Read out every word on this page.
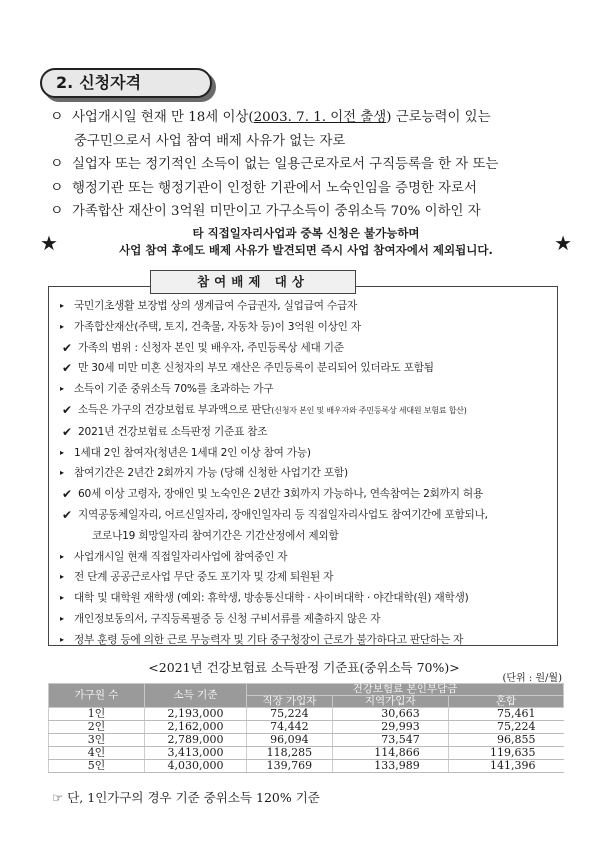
2. 신청자격
ㅇ 사업개시일 현재 만 18세 이상(2003. 7. 1. 이전 출생) 근로능력이 있는
중구민으로서 사업 참여 배제 사유가 없는 자로
ㅇ 실업자 또는 정기적인 소득이 없는 일용근로자로서 구직등록을 한 자 또는
ㅇ 행정기관 또는 행정기관이 인정한 기관에서 노숙인임을 증명한 자로서
ㅇ 가족합산 재산이 3억원 미만이고 가구소득이 중위소득 70% 이하인 자
★	타 직접일자리사업과 중복 신청은 불가능하며
사업 참여 후에도 배제 사유가 발견되면 즉시 사업 참여자에서 제외됩니다.	★
참여배제 대상
▸ 국민기초생활 보장법 상의 생계급여 수급권자, 실업급여 수급자
▸ 가족합산재산(주택, 토지, 건축물, 자동차 등)이 3억원 이상인 자
✔ 가족의 범위 : 신청자 본인 및 배우자, 주민등록상 세대 기준
✔ 만 30세 미만 미혼 신청자의 부모 재산은 주민등록이 분리되어 있더라도 포함됨
▸ 소득이 기준 중위소득 70%를 초과하는 가구
✔ 소득은 가구의 건강보험료 부과액으로 판단(신청자 본인 및 배우자와 주민등록상 세대원 보험료 합산)
✔ 2021년 건강보험료 소득판정 기준표 참조
▸ 1세대 2인 참여자(청년은 1세대 2인 이상 참여 가능)
▸ 참여기간은 2년간 2회까지 가능 (당해 신청한 사업기간 포함)
✔ 60세 이상 고령자, 장애인 및 노숙인은 2년간 3회까지 가능하나, 연속참여는 2회까지 허용
✔ 지역공동체일자리, 어르신일자리, 장애인일자리 등 직접일자리사업도 참여기간에 포함되나,
코로나19 희망일자리 참여기간은 기간산정에서 제외함
▸ 사업개시일 현재 직접일자리사업에 참여중인 자
▸ 전 단계 공공근로사업 무단 중도 포기자 및 강제 퇴원된 자
▸ 대학 및 대학원 재학생 (예외: 휴학생, 방송통신대학 · 사이버대학 · 야간대학(원) 재학생)
▸ 개인정보동의서, 구직등록필증 등 신청 구비서류를 제출하지 않은 자
▸ 정부 훈령 등에 의한 근로 무능력자 및 기타 중구청장이 근로가 불가하다고 판단하는 자
<2021년 건강보험료 소득판정 기준표(중위소득 70%)>
(단위 : 원/월)
가구원 수	소득 기준	건강보험료 본인부담금		
		직장 가입자	지역가입자	혼합
1인	2,193,000	75,224	30,663	75,461
2인	2,162,000	74,442	29,993	75,224
3인	2,789,000	96,094	73,547	96,855
4인	3,413,000	118,285	114,866	119,635
5인	4,030,000	139,769	133,989	141,396
☞ 단, 1인가구의 경우 기준 중위소득 120% 기준
